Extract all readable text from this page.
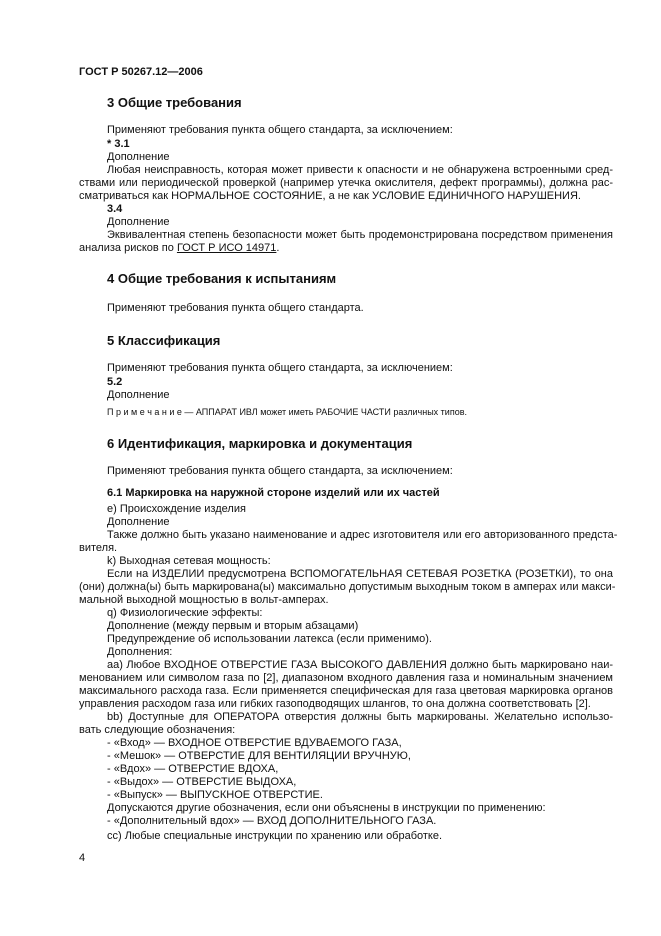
ГОСТ Р 50267.12—2006
3 Общие требования
Применяют требования пункта общего стандарта, за исключением:
* 3.1
Дополнение
Любая неисправность, которая может привести к опасности и не обнаружена встроенными сред-
ствами или периодической проверкой (например утечка окислителя, дефект программы), должна рас-
сматриваться как НОРМАЛЬНОЕ СОСТОЯНИЕ, а не как УСЛОВИЕ ЕДИНИЧНОГО НАРУШЕНИЯ.
3.4
Дополнение
Эквивалентная степень безопасности может быть продемонстрирована посредством применения
анализа рисков по ГОСТ Р ИСО 14971.
4 Общие требования к испытаниям
Применяют требования пункта общего стандарта.
5 Классификация
Применяют требования пункта общего стандарта, за исключением:
5.2
Дополнение
П р и м е ч а н и е — АППАРАТ ИВЛ может иметь РАБОЧИЕ ЧАСТИ различных типов.
6 Идентификация, маркировка и документация
Применяют требования пункта общего стандарта, за исключением:
6.1 Маркировка на наружной стороне изделий или их частей
e) Происхождение изделия
Дополнение
Также должно быть указано наименование и адрес изготовителя или его авторизованного предста-
вителя.
k) Выходная сетевая мощность:
Если на ИЗДЕЛИИ предусмотрена ВСПОМОГАТЕЛЬНАЯ СЕТЕВАЯ РОЗЕТКА (РОЗЕТКИ), то она
(они) должна(ы) быть маркирована(ы) максимально допустимым выходным током в амперах или макси-
мальной выходной мощностью в вольт-амперах.
q) Физиологические эффекты:
Дополнение (между первым и вторым абзацами)
Предупреждение об использовании латекса (если применимо).
Дополнения:
aa) Любое ВХОДНОЕ ОТВЕРСТИЕ ГАЗА ВЫСОКОГО ДАВЛЕНИЯ должно быть маркировано наи-
менованием или символом газа по [2], диапазоном входного давления газа и номинальным значением
максимального расхода газа. Если применяется специфическая для газа цветовая маркировка органов
управления расходом газа или гибких газоподводящих шлангов, то она должна соответствовать [2].
bb) Доступные для ОПЕРАТОРА отверстия должны быть маркированы. Желательно использо-
вать следующие обозначения:
- «Вход» — ВХОДНОЕ ОТВЕРСТИЕ ВДУВАЕМОГО ГАЗА,
- «Мешок» — ОТВЕРСТИЕ ДЛЯ ВЕНТИЛЯЦИИ ВРУЧНУЮ,
- «Вдох» — ОТВЕРСТИЕ ВДОХА,
- «Выдох» — ОТВЕРСТИЕ ВЫДОХА,
- «Выпуск» — ВЫПУСКНОЕ ОТВЕРСТИЕ.
Допускаются другие обозначения, если они объяснены в инструкции по применению:
- «Дополнительный вдох» — ВХОД ДОПОЛНИТЕЛЬНОГО ГАЗА.
cc) Любые специальные инструкции по хранению или обработке.
4
